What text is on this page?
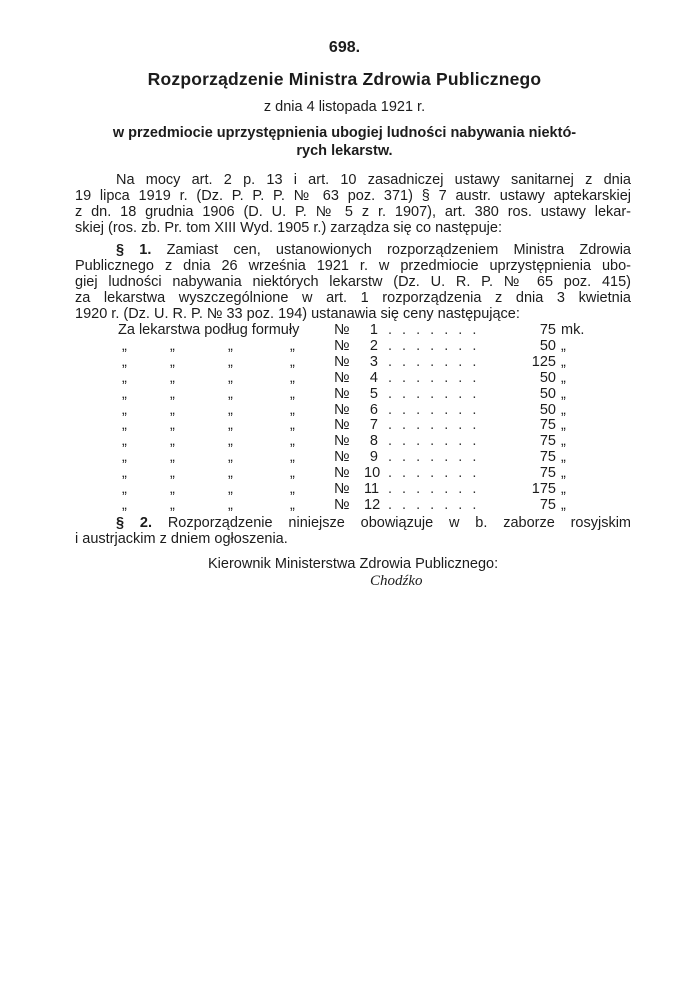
698.
Rozporządzenie Ministra Zdrowia Publicznego
z dnia 4 listopada 1921 r.
w przedmiocie uprzystępnienia ubogiej ludności nabywania niektó-
rych lekarstw.
Na mocy art. 2 p. 13 i art. 10 zasadniczej ustawy sanitarnej z dnia
19 lipca 1919 r. (Dz. P. P. P. № 63 poz. 371) § 7 austr. ustawy aptekarskiej
z dn. 18 grudnia 1906 (D. U. P. № 5 z r. 1907), art. 380 ros. ustawy lekar-
skiej (ros. zb. Pr. tom XIII Wyd. 1905 r.) zarządza się co następuje:
§ 1. Zamiast cen, ustanowionych rozporządzeniem Ministra Zdrowia
Publicznego z dnia 26 września 1921 r. w przedmiocie uprzystępnienia ubo-
giej ludności nabywania niektórych lekarstw (Dz. U. R. P. № 65 poz. 415)
za lekarstwa wyszczególnione w art. 1 rozporządzenia z dnia 3 kwietnia
1920 r. (Dz. U. R. P. № 33 poz. 194) ustanawia się ceny następujące:
Za lekarstwa podług formuły №	1 . . . . . . .	75 mk.
„	„	„	„	№	2 . . . . . . .	50 „
„	„	„	„	№	3 . . . . . . .	125 „
„	„	„	„	№	4 . . . . . . .	50 „
„	„	„	„	№	5 . . . . . . .	50 „
„	„	„	„	№	6 . . . . . . .	50 „
„	„	„	„	№	7 . . . . . . .	75 „
„	„	„	„	№	8 . . . . . . .	75 „
„	„	„	„	№	9 . . . . . . .	75 „
„	„	„	„	№ 10 . . . . . . .	75 „
„	„	„	„	№ 11 . . . . . . .	175 „
„	„	„	„	№ 12 . . . . . . .	75 „
§ 2. Rozporządzenie niniejsze obowiązuje w b. zaborze rosyjskim
i austrjackim z dniem ogłoszenia.
Kierownik Ministerstwa Zdrowia Publicznego:
Chodźko
